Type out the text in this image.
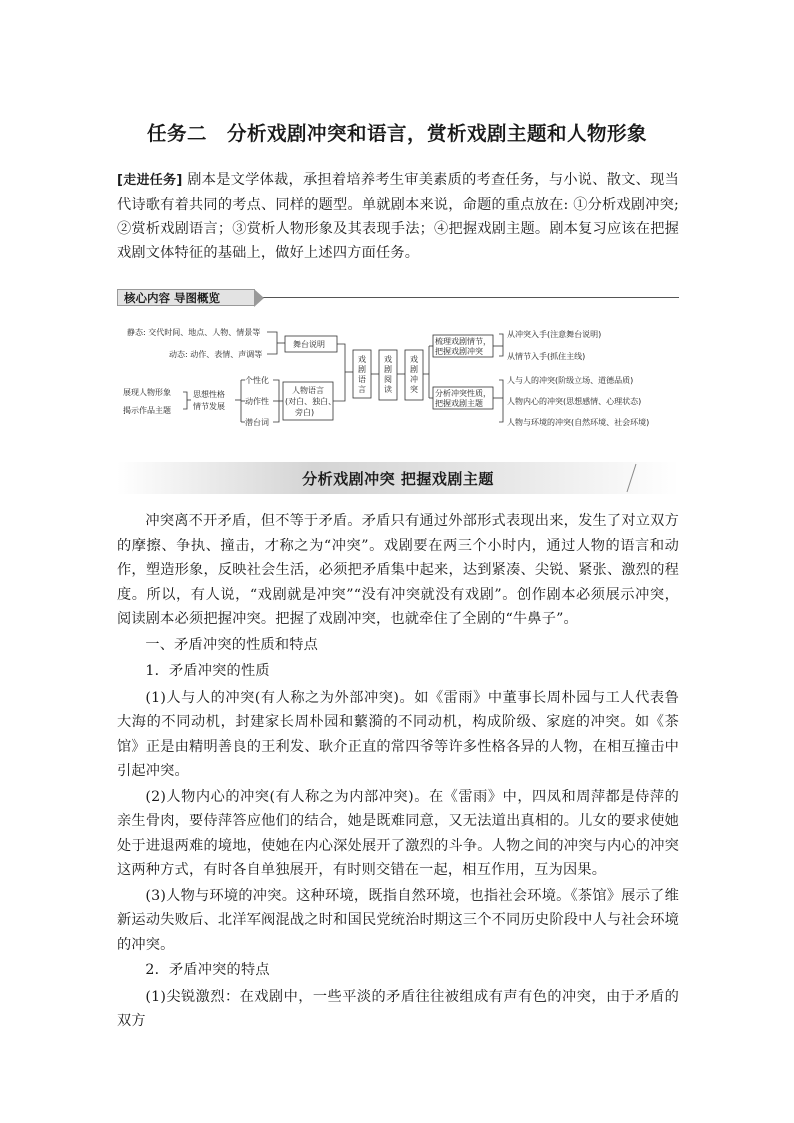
任务二　分析戏剧冲突和语言，赏析戏剧主题和人物形象
[走进任务] 剧本是文学体裁，承担着培养考生审美素质的考查任务，与小说、散文、现当代诗歌有着共同的考点、同样的题型。单就剧本来说，命题的重点放在: ①分析戏剧冲突; ②赏析戏剧语言；③赏析人物形象及其表现手法；④把握戏剧主题。剧本复习应该在把握戏剧文体特征的基础上，做好上述四方面任务。
核心内容 导图概览
静态: 交代时间、地点、人物、情景等
动态: 动作、表情、声调等
舞台说明
展现人物形象
揭示作品主题
思想性格
情节发展
个性化
动作性
潜台词
人物语言
(对白、独白、
旁白)
梳理戏剧情节，
把握戏剧冲突
分析冲突性质，
把握戏剧主题
从冲突入手(注意舞台说明)
从情节入手(抓住主线)
人与人的冲突(阶级立场、道德品质)
人物内心的冲突(思想感情、心理状态)
人物与环境的冲突(自然环境、社会环境)
戏剧语言
戏剧阅读
戏剧冲突
分析戏剧冲突 把握戏剧主题

冲突离不开矛盾，但不等于矛盾。矛盾只有通过外部形式表现出来，发生了对立双方的摩擦、争执、撞击，才称之为“冲突”。戏剧要在两三个小时内，通过人物的语言和动作，塑造形象，反映社会生活，必须把矛盾集中起来，达到紧凑、尖锐、紧张、激烈的程度。所以，有人说，“戏剧就是冲突”“没有冲突就没有戏剧”。创作剧本必须展示冲突，阅读剧本必须把握冲突。把握了戏剧冲突，也就牵住了全剧的“牛鼻子”。

一、矛盾冲突的性质和特点

1．矛盾冲突的性质

(1)人与人的冲突(有人称之为外部冲突)。如《雷雨》中董事长周朴园与工人代表鲁大海的不同动机，封建家长周朴园和蘩漪的不同动机，构成阶级、家庭的冲突。如《茶馆》正是由精明善良的王利发、耿介正直的常四爷等许多性格各异的人物，在相互撞击中引起冲突。

(2)人物内心的冲突(有人称之为内部冲突)。在《雷雨》中，四凤和周萍都是侍萍的亲生骨肉，要侍萍答应他们的结合，她是既难同意，又无法道出真相的。儿女的要求使她处于进退两难的境地，使她在内心深处展开了激烈的斗争。人物之间的冲突与内心的冲突这两种方式，有时各自单独展开，有时则交错在一起，相互作用，互为因果。

(3)人物与环境的冲突。这种环境，既指自然环境，也指社会环境。《茶馆》展示了维新运动失败后、北洋军阀混战之时和国民党统治时期这三个不同历史阶段中人与社会环境的冲突。

2．矛盾冲突的特点

(1)尖锐激烈：在戏剧中，一些平淡的矛盾往往被组成有声有色的冲突，由于矛盾的双方
